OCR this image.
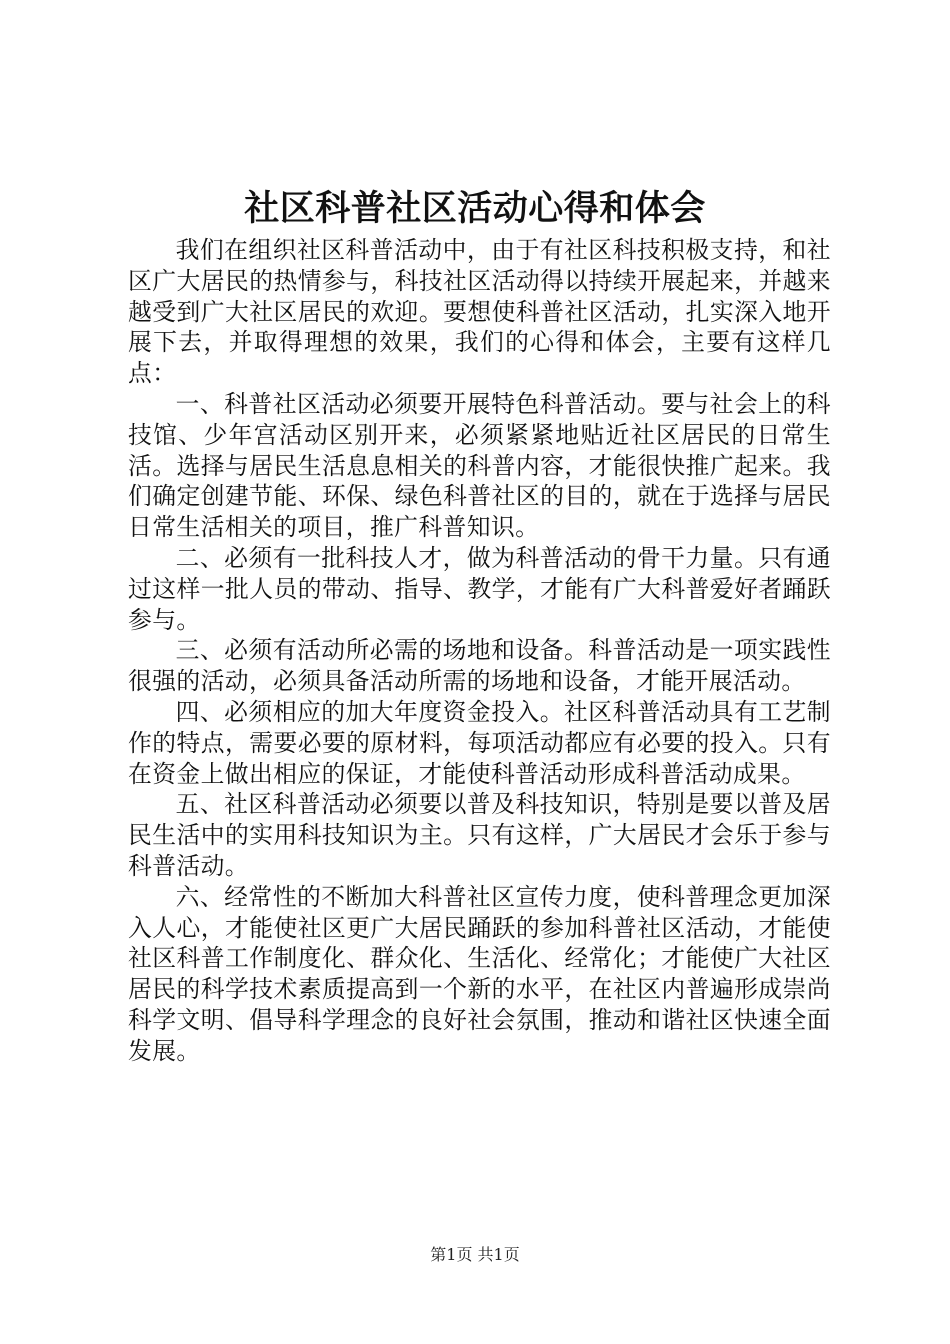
社区科普社区活动心得和体会

我们在组织社区科普活动中，由于有社区科技积极支持，和社区广大居民的热情参与，科技社区活动得以持续开展起来，并越来越受到广大社区居民的欢迎。要想使科普社区活动，扎实深入地开展下去，并取得理想的效果，我们的心得和体会，主要有这样几点：

一、科普社区活动必须要开展特色科普活动。要与社会上的科技馆、少年宫活动区别开来，必须紧紧地贴近社区居民的日常生活。选择与居民生活息息相关的科普内容，才能很快推广起来。我们确定创建节能、环保、绿色科普社区的目的，就在于选择与居民日常生活相关的项目，推广科普知识。

二、必须有一批科技人才，做为科普活动的骨干力量。只有通过这样一批人员的带动、指导、教学，才能有广大科普爱好者踊跃参与。

三、必须有活动所必需的场地和设备。科普活动是一项实践性很强的活动，必须具备活动所需的场地和设备，才能开展活动。

四、必须相应的加大年度资金投入。社区科普活动具有工艺制作的特点，需要必要的原材料，每项活动都应有必要的投入。只有在资金上做出相应的保证，才能使科普活动形成科普活动成果。

五、社区科普活动必须要以普及科技知识，特别是要以普及居民生活中的实用科技知识为主。只有这样，广大居民才会乐于参与科普活动。

六、经常性的不断加大科普社区宣传力度，使科普理念更加深入人心，才能使社区更广大居民踊跃的参加科普社区活动，才能使社区科普工作制度化、群众化、生活化、经常化；才能使广大社区居民的科学技术素质提高到一个新的水平，在社区内普遍形成崇尚科学文明、倡导科学理念的良好社会氛围，推动和谐社区快速全面发展。

第1页 共1页
